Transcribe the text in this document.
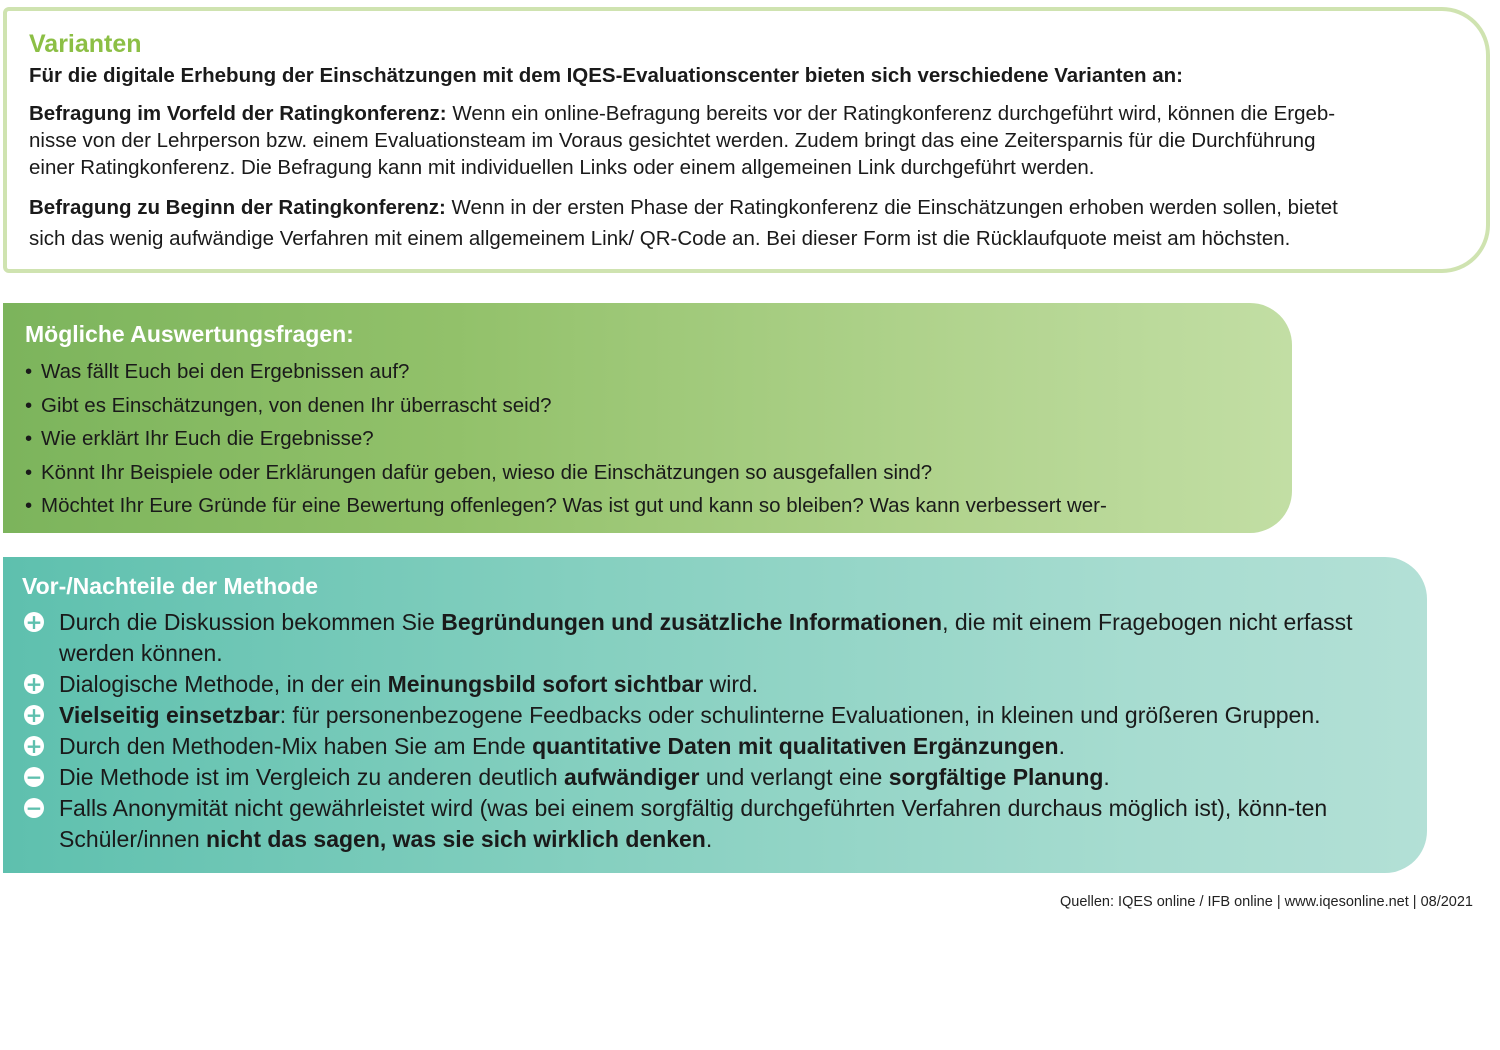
Varianten

Für die digitale Erhebung der Einschätzungen mit dem IQES-Evaluationscenter bieten sich verschiedene Varianten an:

Befragung im Vorfeld der Ratingkonferenz: Wenn ein online-Befragung bereits vor der Ratingkonferenz durchgeführt wird, können die Ergeb-
nisse von der Lehrperson bzw. einem Evaluationsteam im Voraus gesichtet werden. Zudem bringt das eine Zeitersparnis für die Durchführung
einer Ratingkonferenz. Die Befragung kann mit individuellen Links oder einem allgemeinen Link durchgeführt werden.

Befragung zu Beginn der Ratingkonferenz: Wenn in der ersten Phase der Ratingkonferenz die Einschätzungen erhoben werden sollen, bietet
sich das wenig aufwändige Verfahren mit einem allgemeinem Link/ QR-Code an. Bei dieser Form ist die Rücklaufquote meist am höchsten.

Mögliche Auswertungsfragen:
• Was fällt Euch bei den Ergebnissen auf?
• Gibt es Einschätzungen, von denen Ihr überrascht seid?
• Wie erklärt Ihr Euch die Ergebnisse?
• Könnt Ihr Beispiele oder Erklärungen dafür geben, wieso die Einschätzungen so ausgefallen sind?
• Möchtet Ihr Eure Gründe für eine Bewertung offenlegen? Was ist gut und kann so bleiben? Was kann verbessert wer-
Vor-/Nachteile der Methode
+ Durch die Diskussion bekommen Sie Begründungen und zusätzliche Informationen, die mit einem Fragebogen nicht erfasst werden können.
+ Dialogische Methode, in der ein Meinungsbild sofort sichtbar wird.
+ Vielseitig einsetzbar: für personenbezogene Feedbacks oder schulinterne Evaluationen, in kleinen und größeren Gruppen.
+ Durch den Methoden-Mix haben Sie am Ende quantitative Daten mit qualitativen Ergänzungen.
− Die Methode ist im Vergleich zu anderen deutlich aufwändiger und verlangt eine sorgfältige Planung.
− Falls Anonymität nicht gewährleistet wird (was bei einem sorgfältig durchgeführten Verfahren durchaus möglich ist), könn-ten Schüler/innen nicht das sagen, was sie sich wirklich denken.
Quellen: IQES online / IFB online | www.iqesonline.net | 08/2021
